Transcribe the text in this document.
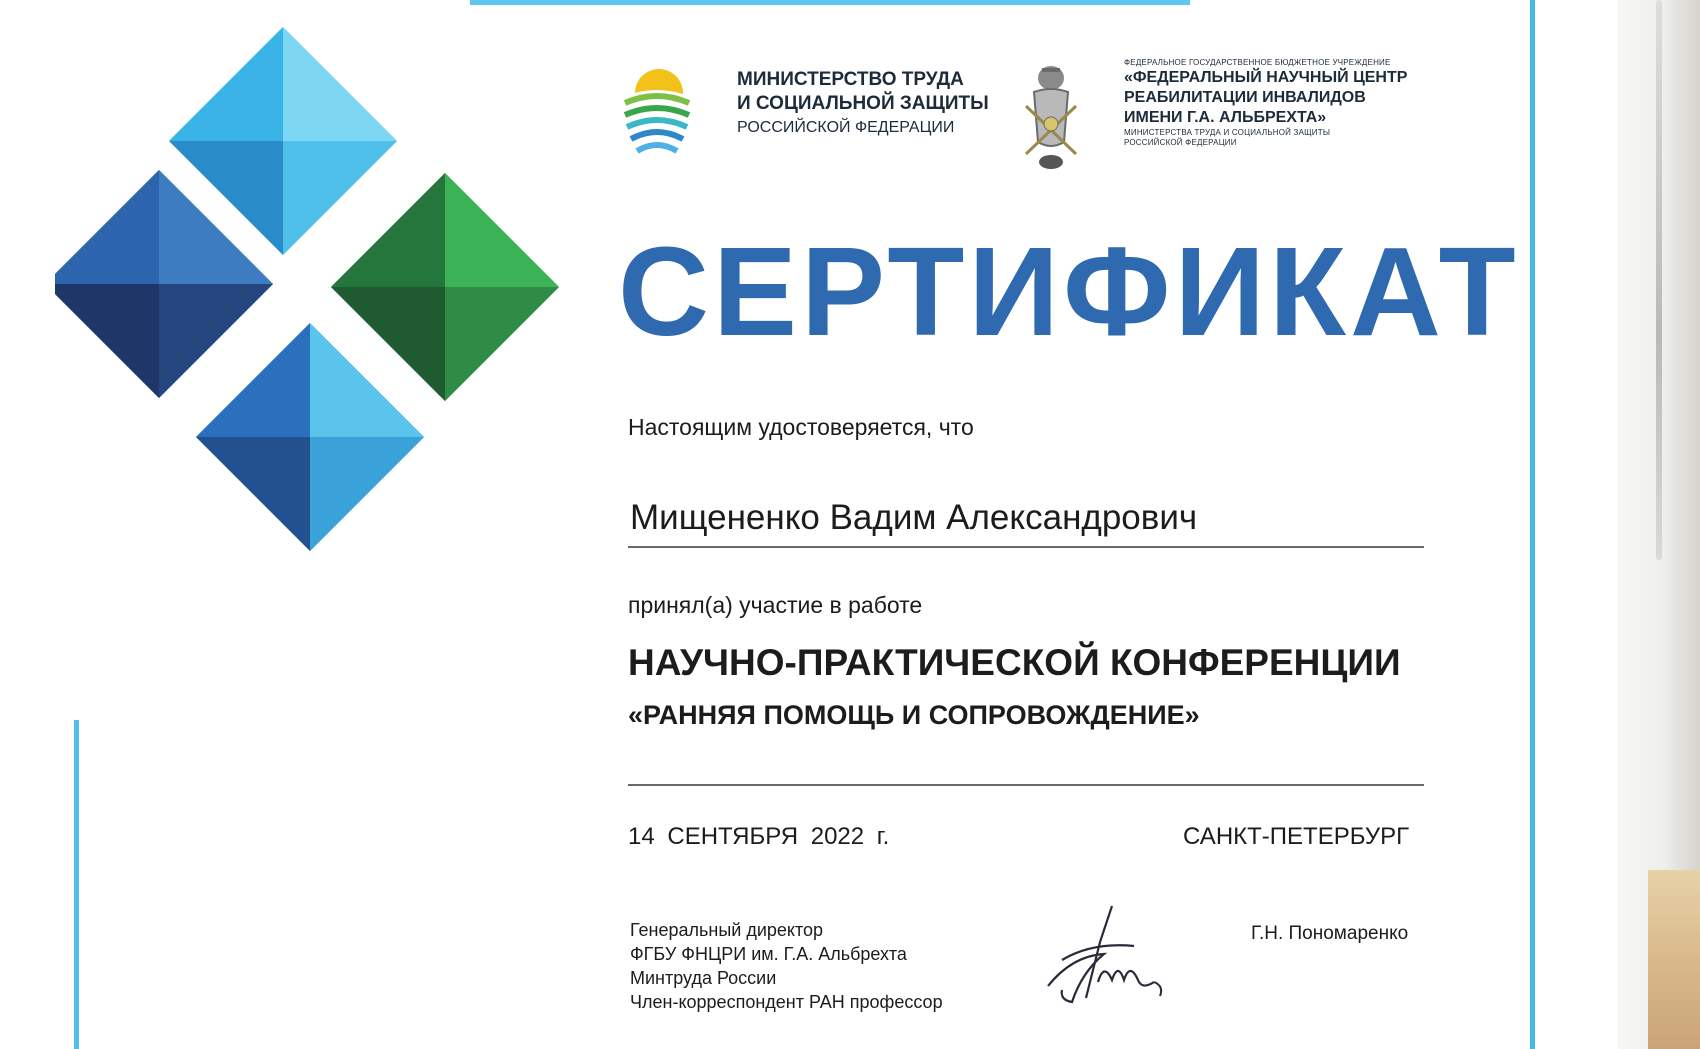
МИНИСТЕРСТВО ТРУДА
И СОЦИАЛЬНОЙ ЗАЩИТЫ
РОССИЙСКОЙ ФЕДЕРАЦИИ
ФЕДЕРАЛЬНОЕ ГОСУДАРСТВЕННОЕ БЮДЖЕТНОЕ УЧРЕЖДЕНИЕ
«ФЕДЕРАЛЬНЫЙ НАУЧНЫЙ ЦЕНТР
РЕАБИЛИТАЦИИ ИНВАЛИДОВ
ИМЕНИ Г.А. АЛЬБРЕХТА»
МИНИСТЕРСТВА ТРУДА И СОЦИАЛЬНОЙ ЗАЩИТЫ
РОССИЙСКОЙ ФЕДЕРАЦИИ
СЕРТИФИКАТ
Настоящим удостоверяется, что
Мищененко Вадим Александрович
принял(а) участие в работе
НАУЧНО-ПРАКТИЧЕСКОЙ КОНФЕРЕНЦИИ
«РАННЯЯ ПОМОЩЬ И СОПРОВОЖДЕНИЕ»
14 СЕНТЯБРЯ 2022 г.	САНКТ-ПЕТЕРБУРГ
Генеральный директор
ФГБУ ФНЦРИ им. Г.А. Альбрехта
Минтруда России
Член-корреспондент РАН профессор
Г.Н. Пономаренко
